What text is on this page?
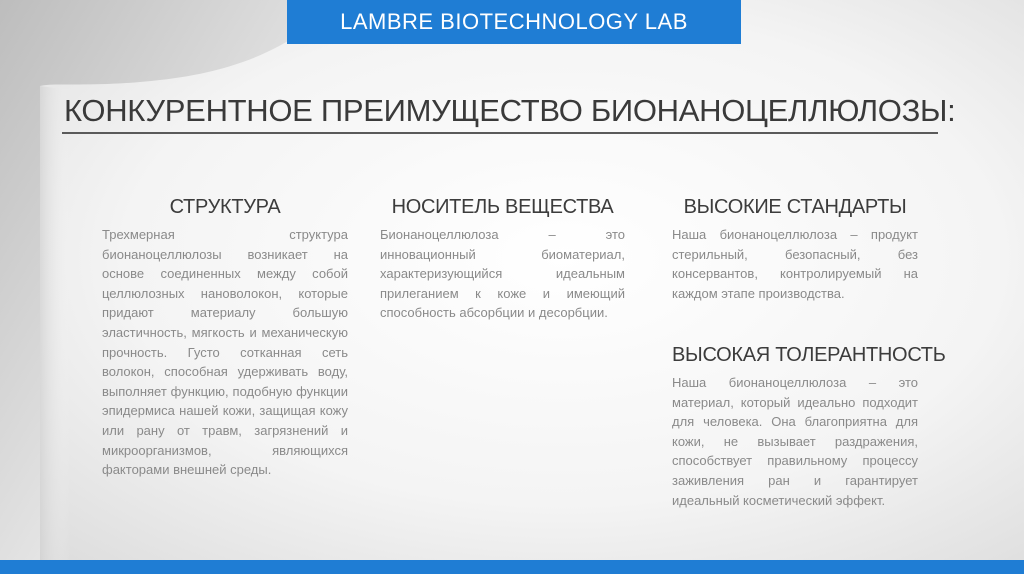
LAMBRE BIOTECHNOLOGY LAB
КОНКУРЕНТНОЕ ПРЕИМУЩЕСТВО БИОНАНОЦЕЛЛЮЛОЗЫ:
СТРУКТУРА

Трехмерная структура бионаноцеллюлозы возникает на основе соединенных между собой целлюлозных нановолокон, которые придают материалу большую эластичность, мягкость и механическую прочность. Густо сотканная сеть волокон, способная удерживать воду, выполняет функцию, подобную функции эпидермиса нашей кожи, защищая кожу или рану от травм, загрязнений и микроорганизмов, являющихся факторами внешней среды.

НОСИТЕЛЬ ВЕЩЕСТВА

Бионаноцеллюлоза – это инновационный биоматериал, характеризующийся идеальным прилеганием к коже и имеющий способность абсорбции и десорбции.

ВЫСОКИЕ СТАНДАРТЫ

Наша бионаноцеллюлоза – продукт стерильный, безопасный, без консервантов, контролируемый на каждом этапе производства.

ВЫСОКАЯ ТОЛЕРАНТНОСТЬ

Наша бионаноцеллюлоза – это материал, который идеально подходит для человека. Она благоприятна для кожи, не вызывает раздражения, способствует правильному процессу заживления ран и гарантирует идеальный косметический эффект.
